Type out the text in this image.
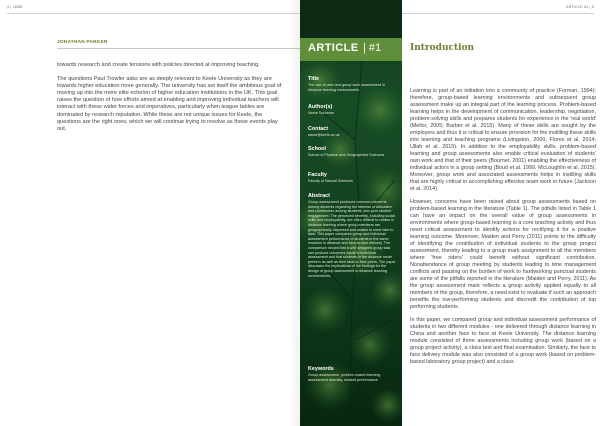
4 | JUBE
JONATHAN PARKER

towards research and create tensions with policies directed at improving teaching.

The questions Paul Trowler asks are as deeply relevant to Keele University as they are towards higher education more generally. The university has set itself the ambitious goal of moving up into the more elite echelon of higher education institutions in the UK. This goal raises the question of how efforts aimed at enabling and improving individual teachers will interact with these wider forces and imperatives, particularly when league tables are dominated by research reputation. While these are not unique issues for Keele, the questions are the right ones, which we will continue trying to resolve as these events play out.

ARTICLE | #1
Title
The use of peer and group work assessment in distance learning environments
Author(s)
Name Surname
Contact
name@keele.ac.uk
School
School of Physical and Geographical Sciences
Faculty
Faculty of Natural Sciences
Abstract
Group assessment produced common concerns among students regarding the fairness of allocation, and contribution among students, and poor student engagement. The perceived benefits, including social skills and employability, are often difficult to realise in distance learning where group members are geographically dispersed and unable to meet face to face. This paper compares group and individual assessment performance of students in the same modules in distance and face-to-face delivery. The comparison shows that a well designed group task can produce outcomes equal to individual assessment and that students in the distance mode perform as well as their face-to-face peers. The paper discusses the implications of the findings for the design of group assessment in distance learning environments.
Keywords
Group assessment, problem-based learning, assessment diversity, student performance
ARTICLE #1 | 5
Introduction

Learning is part of an initiation into a community of practice (Forman, 1994); therefore, group-based learning environments and subsequent group assessment make up an integral part of the learning process. Problem-based learning helps in the development of communication, leadership, negotiation, problem-solving skills and prepares students for experience in the 'real world' (Mellor, 2005; Barber et al. 2015). Many of these skills are sought by the employers and thus it is critical to ensure provision for the instilling these skills into learning and teaching programs (Livingston, 2000, Flores et al. 2014; Ullah et al. 2015). In addition to the employability skills, problem-based learning and group assessments also enable critical evaluation of students' own work and that of their peers (Bourner, 2001) enabling the effectiveness of individual actors in a group setting (Boud et al. 1999, McLoughlin et al. 2015). Moreover, group work and associated assessments helps in instilling skills that are highly critical in accomplishing effective team work in future (Jackson et al. 2014).

However, concerns have been raised about group assessments based on problem-based learning in the literature (Table 1). The pitfalls listed in Table 1 can have an impact on the overall value of group assessments in environments where group-based learning is a core teaching activity and thus need critical assessment to identify actions for rectifying it for a positive learning outcome. Moreover, Maiden and Perry (2011) points to the difficulty of identifying the contribution of individual students to the group project assessment, thereby leading to a group mark assignment to all the members where 'free riders' could benefit without significant contribution. Nonattendance of group meeting by students leading to time management conflicts and passing on the burden of work to hardworking punctual students are some of the pitfalls reported in the literature (Maiden and Perry, 2011). As the group assessment mark reflects a group activity applied equally to all members of the group, therefore, a need exist to evaluate if such an approach benefits the low-performing students and discredit the contribution of top performing students.

In this paper, we compared group and individual assessment performance of students in two different modules - one delivered through distance learning in China and another face to face at Keele University. The distance learning module consisted of three assessments including group work (based on a group project activity), a class test and final examination. Similarly, the face to face delivery module was also consisted of a group work (based on problem-based laboratory group project) and a class
